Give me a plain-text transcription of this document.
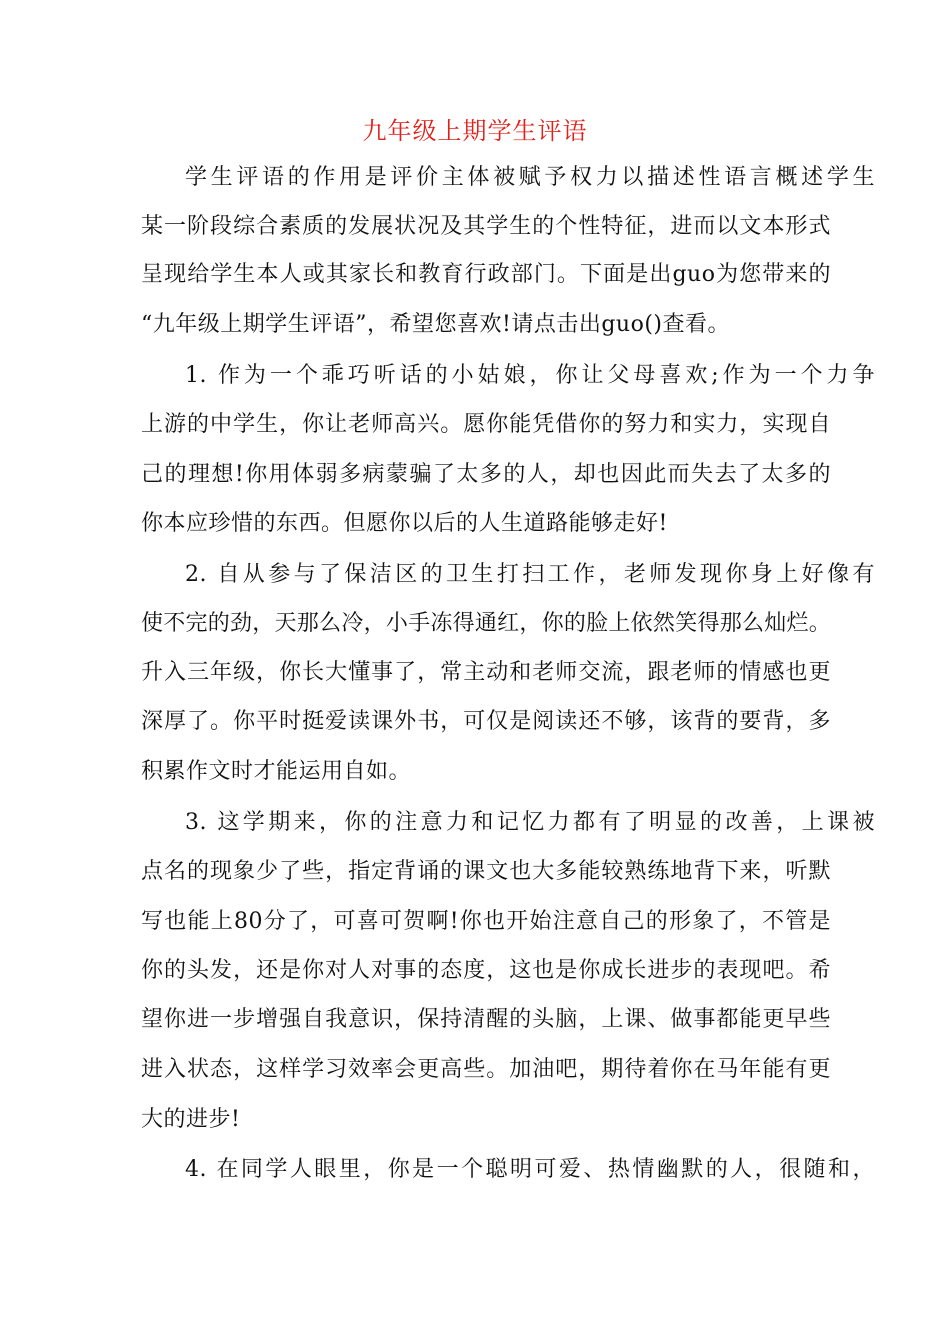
九年级上期学生评语
学生评语的作用是评价主体被赋予权力以描述性语言概述学生
某一阶段综合素质的发展状况及其学生的个性特征，进而以文本形式
呈现给学生本人或其家长和教育行政部门。下面是出guo为您带来的
“九年级上期学生评语”，希望您喜欢!请点击出guo()查看。
1. 作为一个乖巧听话的小姑娘，你让父母喜欢;作为一个力争
上游的中学生，你让老师高兴。愿你能凭借你的努力和实力，实现自
己的理想!你用体弱多病蒙骗了太多的人，却也因此而失去了太多的
你本应珍惜的东西。但愿你以后的人生道路能够走好!
2. 自从参与了保洁区的卫生打扫工作，老师发现你身上好像有
使不完的劲，天那么冷，小手冻得通红，你的脸上依然笑得那么灿烂。
升入三年级，你长大懂事了，常主动和老师交流，跟老师的情感也更
深厚了。你平时挺爱读课外书，可仅是阅读还不够，该背的要背，多
积累作文时才能运用自如。
3. 这学期来，你的注意力和记忆力都有了明显的改善，上课被
点名的现象少了些，指定背诵的课文也大多能较熟练地背下来，听默
写也能上80分了，可喜可贺啊!你也开始注意自己的形象了，不管是
你的头发，还是你对人对事的态度，这也是你成长进步的表现吧。希
望你进一步增强自我意识，保持清醒的头脑，上课、做事都能更早些
进入状态，这样学习效率会更高些。加油吧，期待着你在马年能有更
大的进步!
4. 在同学人眼里，你是一个聪明可爱、热情幽默的人，很随和，
